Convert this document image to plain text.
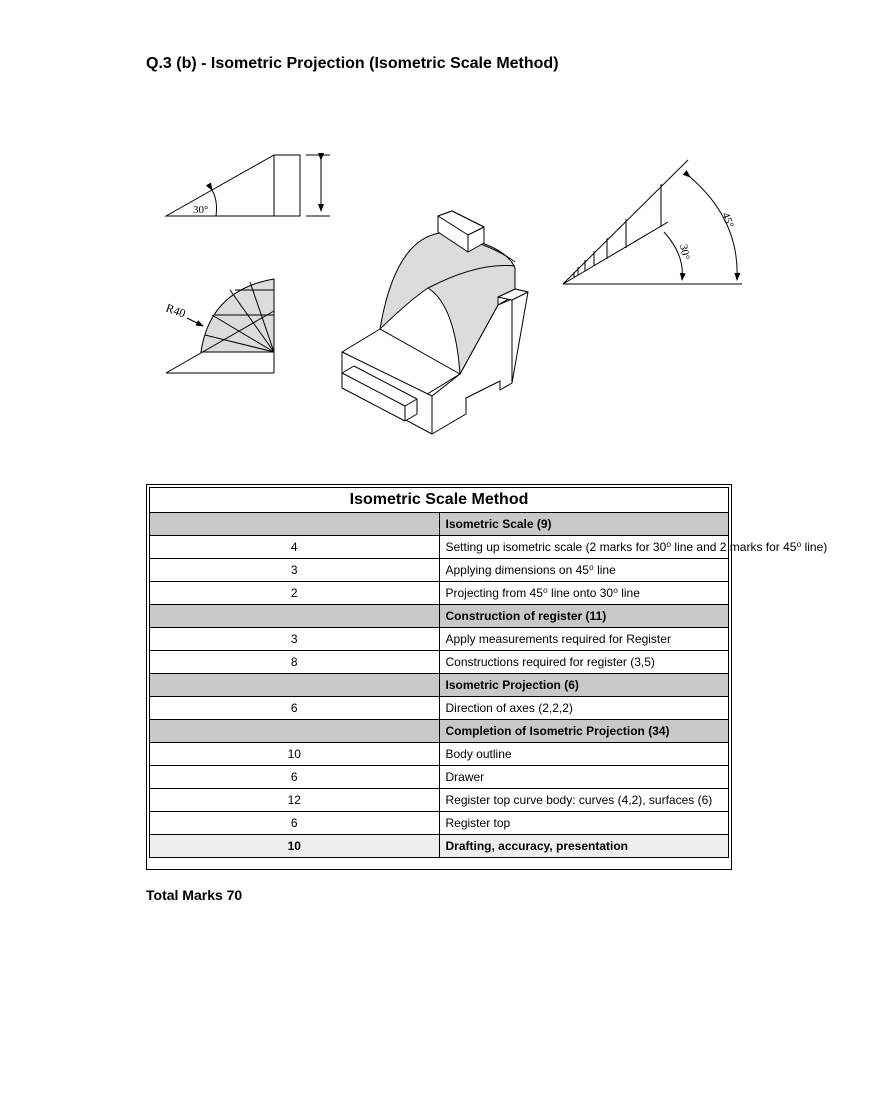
Q.3 (b) - Isometric Projection (Isometric Scale Method)
30°
R40
45°
30°
Isometric Scale Method	
	Isometric Scale (9)
4	Setting up isometric scale (2 marks for 30⁰ line and 2 marks for 45⁰ line)
3	Applying dimensions on 45⁰ line
2	Projecting from 45⁰ line onto 30⁰ line
	Construction of register (11)
3	Apply measurements required for Register
8	Constructions required for register (3,5)
	Isometric Projection (6)
6	Direction of axes (2,2,2)
	Completion of Isometric Projection (34)
10	Body outline
6	Drawer
12	Register top curve body: curves (4,2), surfaces (6)
6	Register top
10	Drafting, accuracy, presentation
Total Marks 70
